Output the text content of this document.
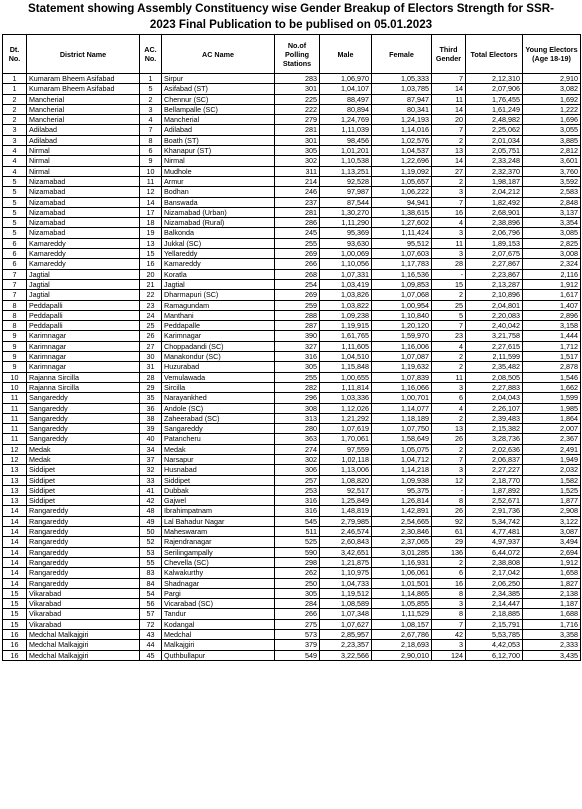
Statement showing Assembly Constituency wise Gender Breakup of Electors Strength for SSR-
2023 Final Publication to be publised on 05.01.2023
Dt. No.	District Name	AC. No.	AC Name	No.of Polling Stations	Male	Female	Third Gender	Total Electors	Young Electors (Age 18-19)
1	Kumaram Bheem Asifabad	1	Sirpur	283	1,06,970	1,05,333	7	2,12,310	2,910
1	Kumaram Bheem Asifabad	5	Asifabad (ST)	301	1,04,107	1,03,785	14	2,07,906	3,082
2	Mancherial	2	Chennur (SC)	225	88,497	87,947	11	1,76,455	1,692
2	Mancherial	3	Bellampalle (SC)	222	80,894	80,341	14	1,61,249	1,222
2	Mancherial	4	Mancherial	279	1,24,769	1,24,193	20	2,48,982	1,696
3	Adilabad	7	Adilabad	281	1,11,039	1,14,016	7	2,25,062	3,055
3	Adilabad	8	Boath (ST)	301	98,456	1,02,576	2	2,01,034	3,885
4	Nirmal	6	Khanapur (ST)	305	1,01,201	1,04,537	13	2,05,751	2,812
4	Nirmal	9	Nirmal	302	1,10,538	1,22,696	14	2,33,248	3,601
4	Nirmal	10	Mudhole	311	1,13,251	1,19,092	27	2,32,370	3,760
5	Nizamabad	11	Armur	214	92,528	1,05,657	2	1,98,187	3,592
5	Nizamabad	12	Bodhan	246	97,987	1,06,222	3	2,04,212	2,583
5	Nizamabad	14	Banswada	237	87,544	94,941	7	1,82,492	2,848
5	Nizamabad	17	Nizamabad (Urban)	281	1,30,270	1,38,615	16	2,68,901	3,137
5	Nizamabad	18	Nizamabad (Rural)	286	1,11,290	1,27,602	4	2,38,896	3,354
5	Nizamabad	19	Balkonda	245	95,369	1,11,424	3	2,06,796	3,085
6	Kamareddy	13	Jukkal (SC)	255	93,630	95,512	11	1,89,153	2,825
6	Kamareddy	15	Yellareddy	269	1,00,069	1,07,603	3	2,07,675	3,008
6	Kamareddy	16	Kamareddy	266	1,10,056	1,17,783	28	2,27,867	2,324
7	Jagtial	20	Koratla	268	1,07,331	1,16,536	-	2,23,867	2,116
7	Jagtial	21	Jagtial	254	1,03,419	1,09,853	15	2,13,287	1,912
7	Jagtial	22	Dharmapuri (SC)	269	1,03,826	1,07,068	2	2,10,896	1,617
8	Peddapalli	23	Ramagundam	259	1,03,822	1,00,954	25	2,04,801	1,407
8	Peddapalli	24	Manthani	288	1,09,238	1,10,840	5	2,20,083	2,896
8	Peddapalli	25	Peddapalle	287	1,19,915	1,20,120	7	2,40,042	3,158
9	Karimnagar	26	Karimnagar	390	1,61,765	1,59,970	23	3,21,758	1,444
9	Karimnagar	27	Choppadandi (SC)	327	1,11,605	1,16,006	4	2,27,615	1,712
9	Karimnagar	30	Manakondur (SC)	316	1,04,510	1,07,087	2	2,11,599	1,517
9	Karimnagar	31	Huzurabad	305	1,15,848	1,19,632	2	2,35,482	2,878
10	Rajanna Sircilla	28	Vemulawada	255	1,00,655	1,07,839	11	2,08,505	1,546
10	Rajanna Sircilla	29	Sircilla	282	1,11,814	1,16,066	3	2,27,883	1,662
11	Sangareddy	35	Narayankhed	296	1,03,336	1,00,701	6	2,04,043	1,599
11	Sangareddy	36	Andole (SC)	308	1,12,026	1,14,077	4	2,26,107	1,985
11	Sangareddy	38	Zaheerabad (SC)	313	1,21,292	1,18,189	2	2,39,483	1,864
11	Sangareddy	39	Sangareddy	280	1,07,619	1,07,750	13	2,15,382	2,007
11	Sangareddy	40	Patancheru	363	1,70,061	1,58,649	26	3,28,736	2,367
12	Medak	34	Medak	274	97,559	1,05,075	2	2,02,636	2,491
12	Medak	37	Narsapur	302	1,02,118	1,04,712	7	2,06,837	1,949
13	Siddipet	32	Husnabad	306	1,13,006	1,14,218	3	2,27,227	2,032
13	Siddipet	33	Siddipet	257	1,08,820	1,09,938	12	2,18,770	1,582
13	Siddipet	41	Dubbak	253	92,517	95,375	-	1,87,892	1,525
13	Siddipet	42	Gajwel	316	1,25,849	1,26,814	8	2,52,671	1,877
14	Rangareddy	48	Ibrahimpatnam	316	1,48,819	1,42,891	26	2,91,736	2,908
14	Rangareddy	49	Lal Bahadur Nagar	545	2,79,985	2,54,665	92	5,34,742	3,122
14	Rangareddy	50	Maheswaram	511	2,46,574	2,30,846	61	4,77,481	3,087
14	Rangareddy	52	Rajendranagar	525	2,60,843	2,37,065	29	4,97,937	3,494
14	Rangareddy	53	Serilingampally	590	3,42,651	3,01,285	136	6,44,072	2,694
14	Rangareddy	55	Chevella (SC)	298	1,21,875	1,16,931	2	2,38,808	1,912
14	Rangareddy	83	Kalwakurthy	262	1,10,975	1,06,061	6	2,17,042	1,658
14	Rangareddy	84	Shadnagar	250	1,04,733	1,01,501	16	2,06,250	1,827
15	Vikarabad	54	Pargi	305	1,19,512	1,14,865	8	2,34,385	2,138
15	Vikarabad	56	Vicarabad (SC)	284	1,08,589	1,05,855	3	2,14,447	1,187
15	Vikarabad	57	Tandur	266	1,07,348	1,11,529	8	2,18,885	1,688
15	Vikarabad	72	Kodangal	275	1,07,627	1,08,157	7	2,15,791	1,716
16	Medchal Malkajgiri	43	Medchal	573	2,85,957	2,67,786	42	5,53,785	3,358
16	Medchal Malkajgiri	44	Malkajgiri	379	2,23,357	2,18,693	3	4,42,053	2,333
16	Medchal Malkajgiri	45	Quthbullapur	549	3,22,566	2,90,010	124	6,12,700	3,435
